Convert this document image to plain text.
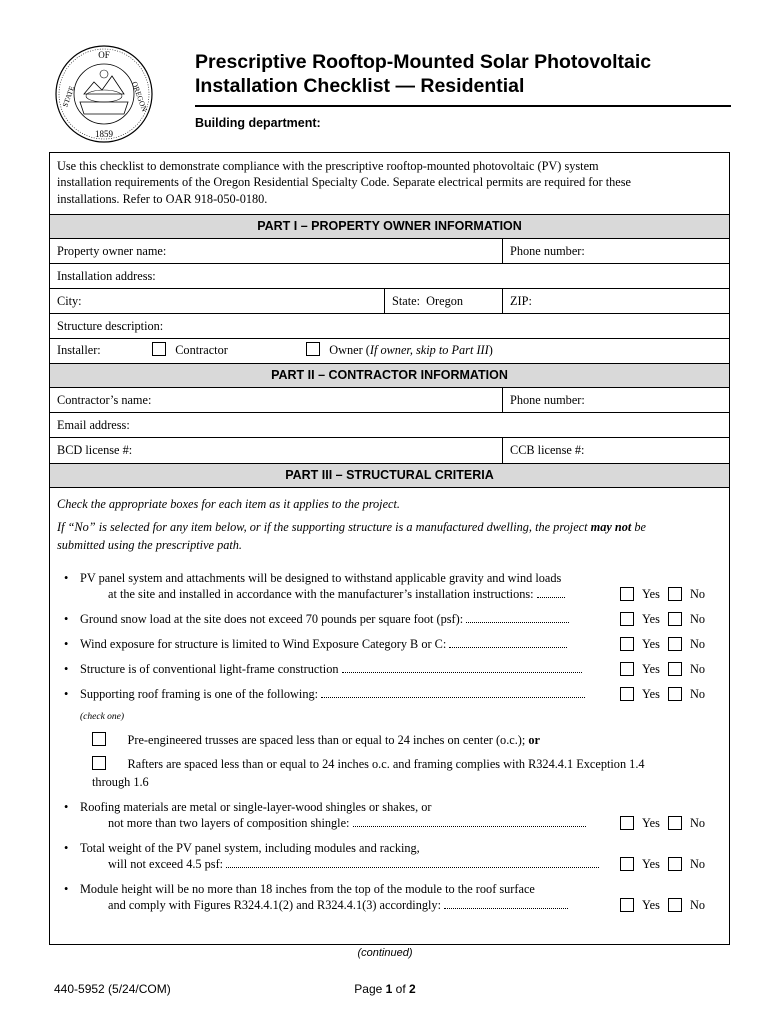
OF
STATE	OREGON
1859
Prescriptive Rooftop-Mounted Solar Photovoltaic
Installation Checklist — Residential
Building department:
Use this checklist to demonstrate compliance with the prescriptive rooftop-mounted photovoltaic (PV) system
installation requirements of the Oregon Residential Specialty Code. Separate electrical permits are required for these
installations. Refer to OAR 918-050-0180.
PART I – PROPERTY OWNER INFORMATION
Property owner name:	Phone number:
Installation address:
City:	State: Oregon	ZIP:
Structure description:
Installer:	Contractor	Owner (If owner, skip to Part III)
PART II – CONTRACTOR INFORMATION
Contractor’s name:	Phone number:
Email address:
BCD license #:	CCB license #:
PART III – STRUCTURAL CRITERIA
Check the appropriate boxes for each item as it applies to the project.
If “No” is selected for any item below, or if the supporting structure is a manufactured dwelling, the project may not be
submitted using the prescriptive path.
• PV panel system and attachments will be designed to withstand applicable gravity and wind loads
at the site and installed in accordance with the manufacturer’s installation instructions:	Yes No
• Ground snow load at the site does not exceed 70 pounds per square foot (psf):	Yes No
• Wind exposure for structure is limited to Wind Exposure Category B or C:	Yes No
• Structure is of conventional light-frame construction	Yes No
• Supporting roof framing is one of the following:	Yes No
(check one)
Pre-engineered trusses are spaced less than or equal to 24 inches on center (o.c.); or
Rafters are spaced less than or equal to 24 inches o.c. and framing complies with R324.4.1 Exception 1.4
through 1.6
• Roofing materials are metal or single-layer-wood shingles or shakes, or
not more than two layers of composition shingle:	Yes No
• Total weight of the PV panel system, including modules and racking,
will not exceed 4.5 psf:	Yes No
• Module height will be no more than 18 inches from the top of the module to the roof surface
and comply with Figures R324.4.1(2) and R324.4.1(3) accordingly:	Yes No
(continued)
440-5952 (5/24/COM)	Page 1 of 2
